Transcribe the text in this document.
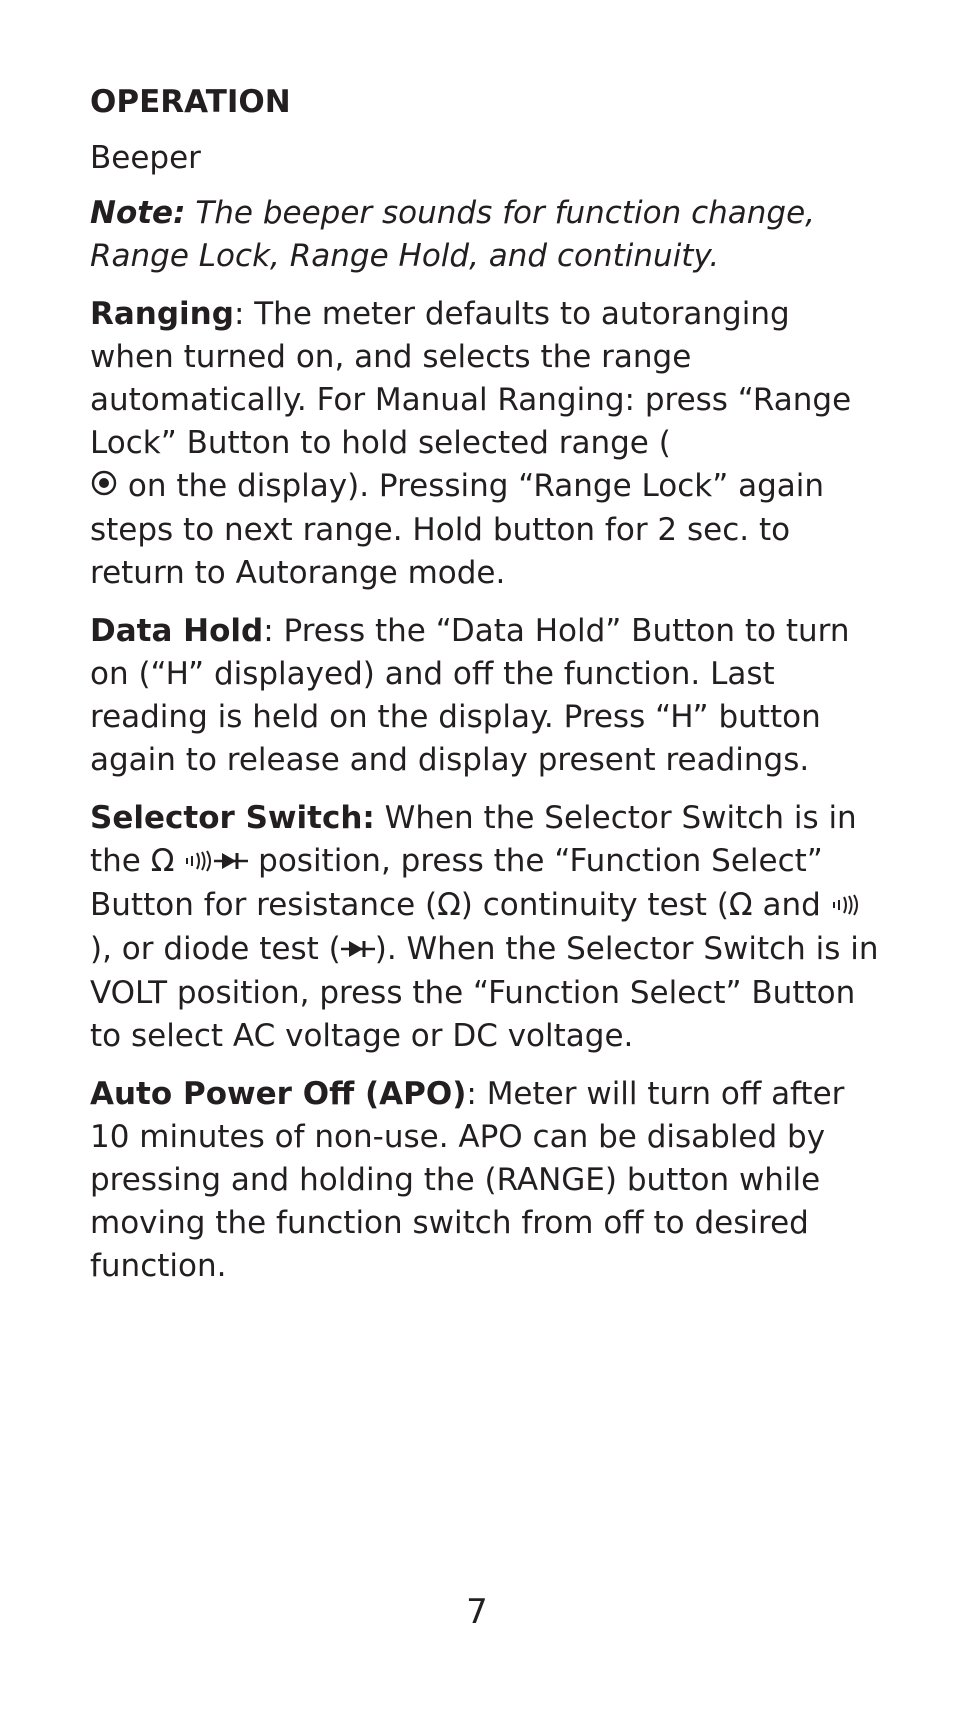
OPERATION
Beeper

Note: The beeper sounds for function change, Range Lock, Range Hold, and continuity.

Ranging: The meter defaults to autoranging when turned on, and selects the range automatically. For Manual Ranging: press “Range Lock” Button to hold selected range (
on the display). Pressing “Range Lock” again steps to next range. Hold button for 2 sec. to return to Autorange mode.

Data Hold: Press the “Data Hold” Button to turn on (“H” displayed) and off the function. Last reading is held on the display. Press “H” button again to release and display present readings.

Selector Switch: When the Selector Switch is in the Ω  position, press the “Function Select” Button for resistance (Ω) continuity test (Ω and ), or diode test ( ). When the Selector Switch is in VOLT position, press the “Function Select” Button to select AC voltage or DC voltage.

Auto Power Off (APO): Meter will turn off after 10 minutes of non-use. APO can be disabled by pressing and holding the (RANGE) button while moving the function switch from off to desired function.

7
